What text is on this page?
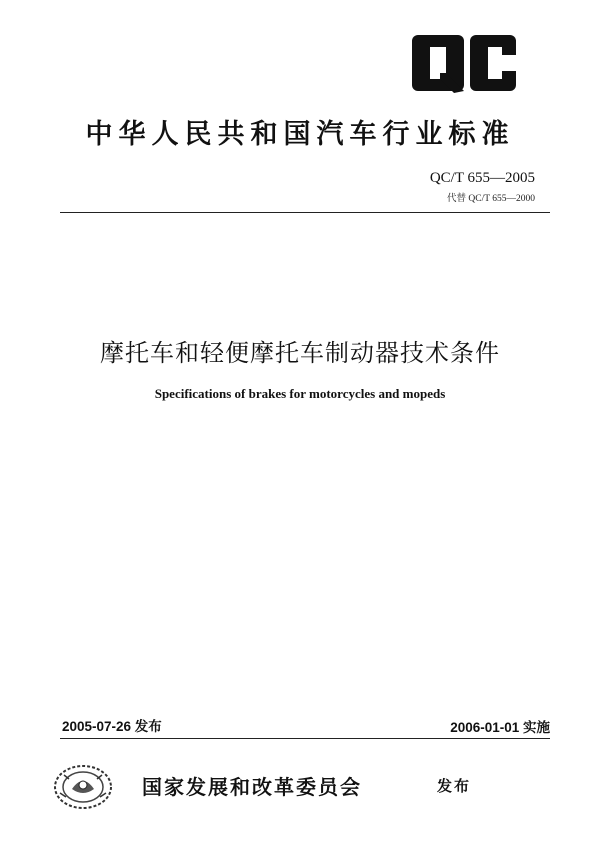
中华人民共和国汽车行业标准
QC/T 655—2005
代替 QC/T 655—2000
摩托车和轻便摩托车制动器技术条件
Specifications of brakes for motorcycles and mopeds
2005-07-26 发布	2006-01-01 实施
国家发展和改革委员会	发布
